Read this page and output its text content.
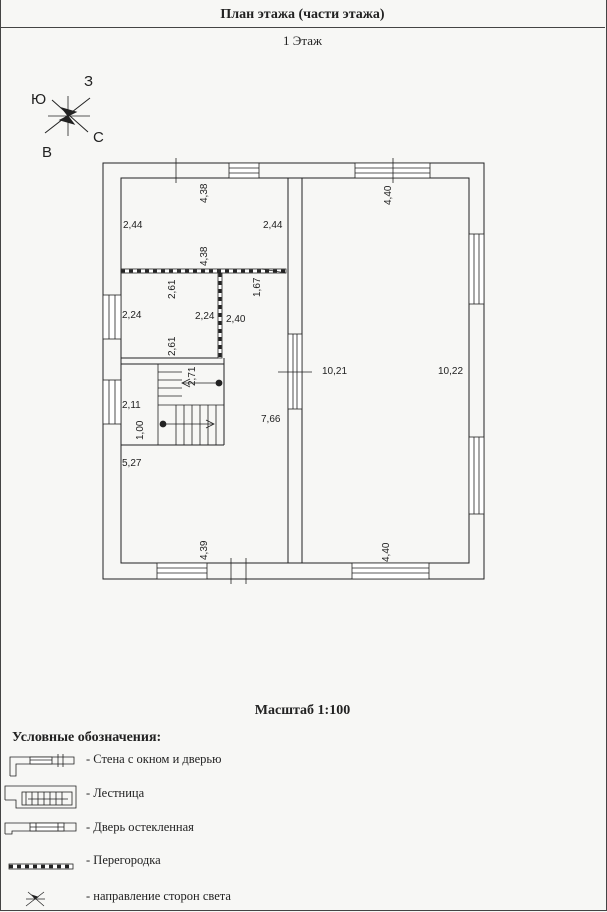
План этажа (части этажа)
1 Этаж
Ю
З
В
С
4,38
2,44	2,44
4,38
2,61	1,67
2,24	2,24 2,40
2,61
2,71
2,11
1,00
7,66
5,27
4,39
4,40
10,21	10,22
4,40
Масштаб 1:100
Условные обозначения:
- Стена с окном и дверью
- Лестница
- Дверь остекленная
- Перегородка
- направление сторон света
